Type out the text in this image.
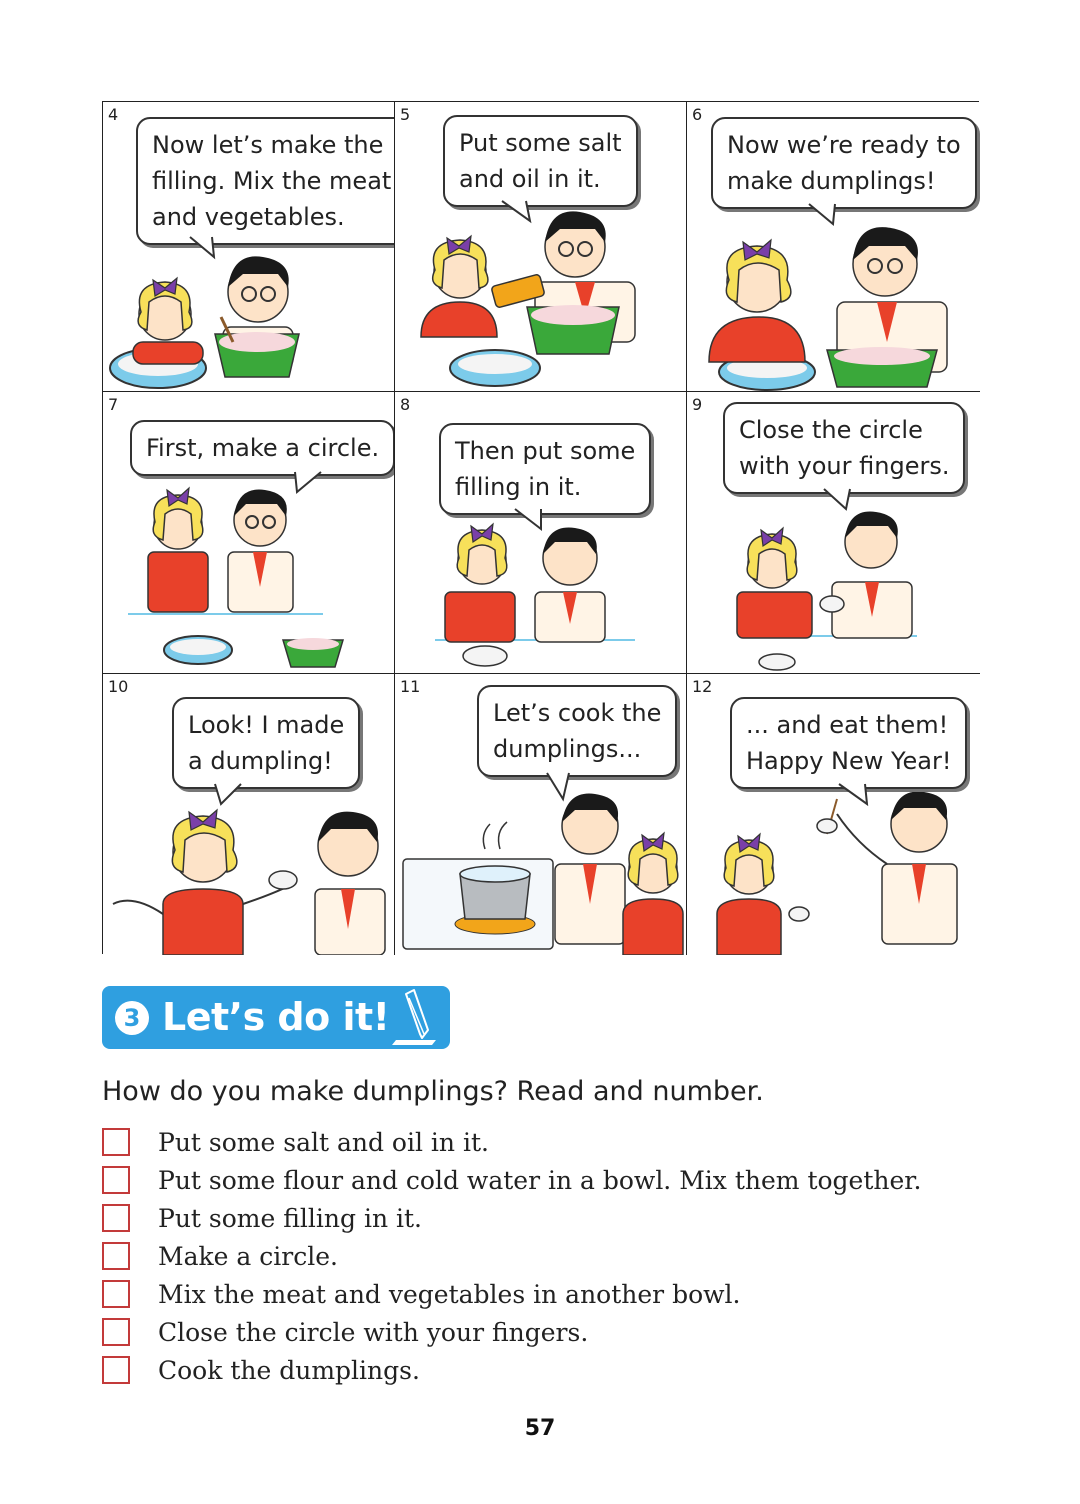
4
Now let’s make the
filling. Mix the meat
and vegetables.
5
Put some salt
and oil in it.
6
Now we’re ready to
make dumplings!
7
First, make a circle.
8
Then put some
filling in it.
9
Close the circle
with your fingers.
10
Look! I made
a dumpling!
11
Let’s cook the
dumplings...
12
... and eat them!
Happy New Year!
3 Let’s do it!
How do you make dumplings? Read and number.
Put some salt and oil in it.
Put some flour and cold water in a bowl. Mix them together.
Put some filling in it.
Make a circle.
Mix the meat and vegetables in another bowl.
Close the circle with your fingers.
Cook the dumplings.
57
